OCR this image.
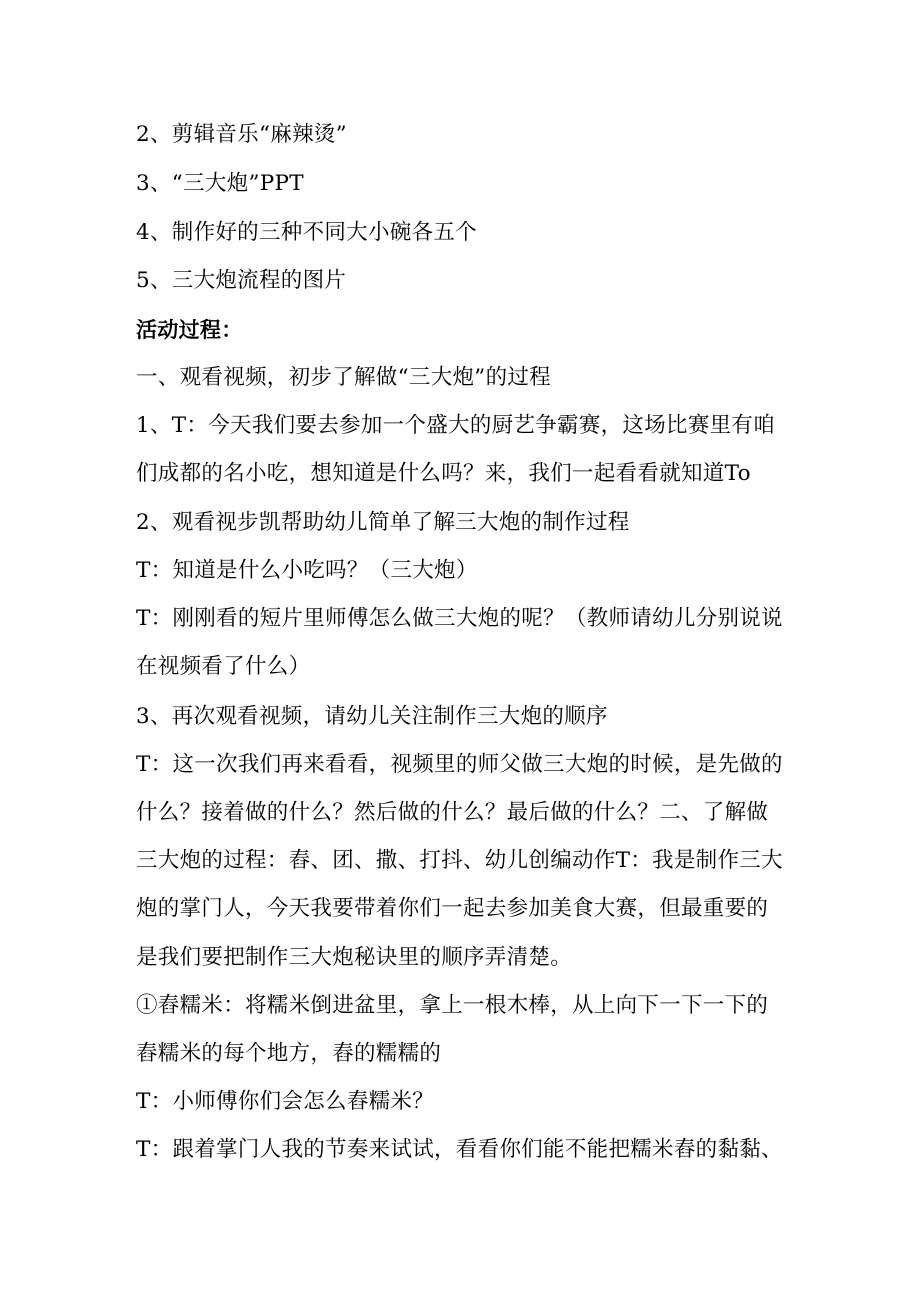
2、剪辑音乐“麻辣烫”
3、“三大炮”PPT
4、制作好的三种不同大小碗各五个
5、三大炮流程的图片
活动过程：
一、观看视频，初步了解做“三大炮”的过程
1、T：今天我们要去参加一个盛大的厨艺争霸赛，这场比赛里有咱
们成都的名小吃，想知道是什么吗？来，我们一起看看就知道To
2、观看视步凯帮助幼儿简单了解三大炮的制作过程
T：知道是什么小吃吗？（三大炮）
T：刚刚看的短片里师傅怎么做三大炮的呢？（教师请幼儿分别说说
在视频看了什么）
3、再次观看视频，请幼儿关注制作三大炮的顺序
T：这一次我们再来看看，视频里的师父做三大炮的时候，是先做的
什么？接着做的什么？然后做的什么？最后做的什么？二、了解做
三大炮的过程：舂、团、撒、打抖、幼儿创编动作T：我是制作三大
炮的掌门人，今天我要带着你们一起去参加美食大赛，但最重要的
是我们要把制作三大炮秘诀里的顺序弄清楚。
①舂糯米：将糯米倒进盆里，拿上一根木棒，从上向下一下一下的
舂糯米的每个地方，舂的糯糯的
T：小师傅你们会怎么舂糯米？
T：跟着掌门人我的节奏来试试，看看你们能不能把糯米舂的黏黏、
